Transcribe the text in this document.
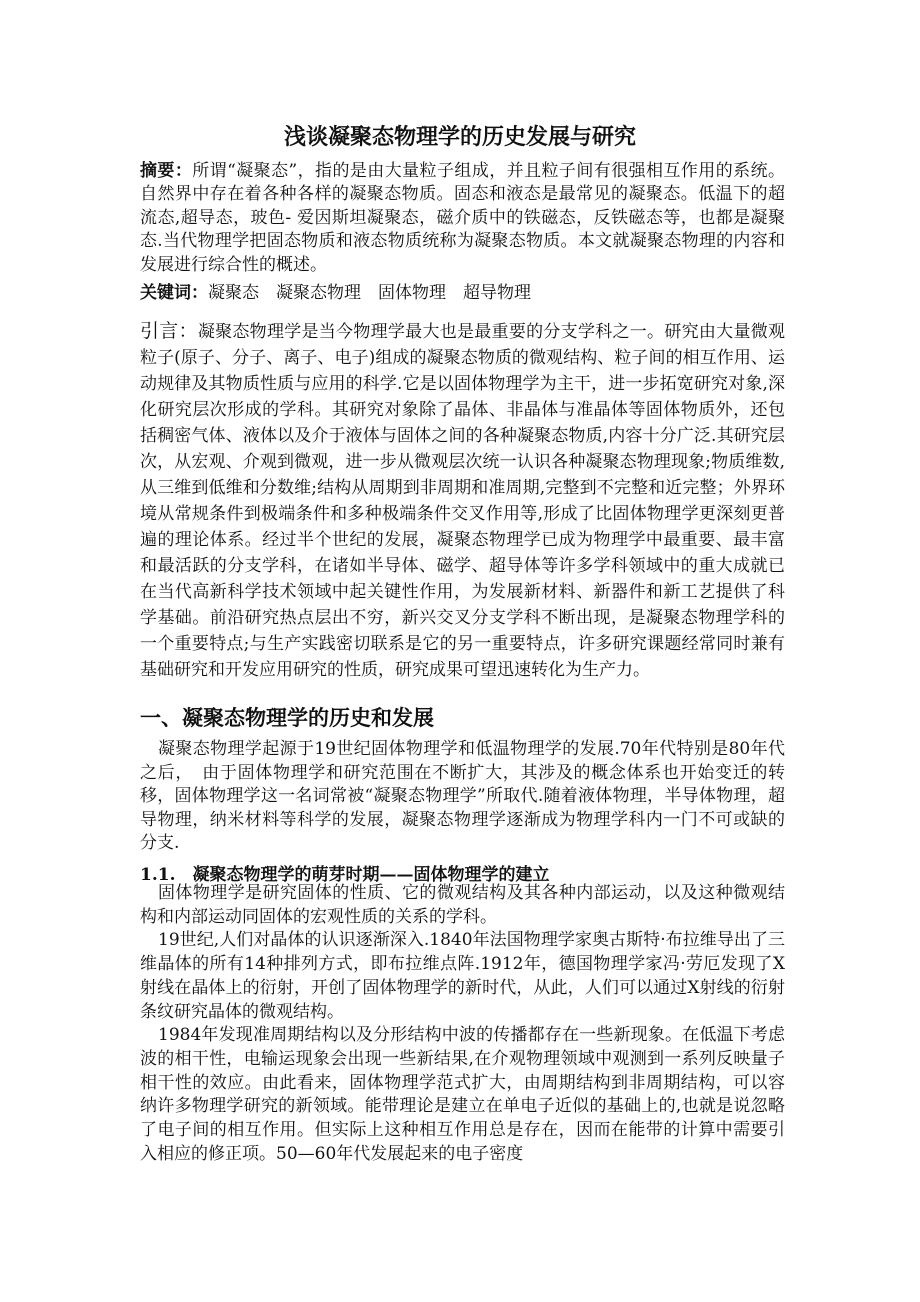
浅谈凝聚态物理学的历史发展与研究

摘要：所谓“凝聚态”，指的是由大量粒子组成，并且粒子间有很强相互作用的系统。自然界中存在着各种各样的凝聚态物质。固态和液态是最常见的凝聚态。低温下的超流态,超导态，玻色- 爱因斯坦凝聚态，磁介质中的铁磁态，反铁磁态等，也都是凝聚态.当代物理学把固态物质和液态物质统称为凝聚态物质。本文就凝聚态物理的内容和发展进行综合性的概述。

关键词：凝聚态　凝聚态物理　固体物理　超导物理

引言：凝聚态物理学是当今物理学最大也是最重要的分支学科之一。研究由大量微观粒子(原子、分子、离子、电子)组成的凝聚态物质的微观结构、粒子间的相互作用、运动规律及其物质性质与应用的科学.它是以固体物理学为主干，进一步拓宽研究对象,深化研究层次形成的学科。其研究对象除了晶体、非晶体与准晶体等固体物质外，还包括稠密气体、液体以及介于液体与固体之间的各种凝聚态物质,内容十分广泛.其研究层次，从宏观、介观到微观，进一步从微观层次统一认识各种凝聚态物理现象;物质维数,从三维到低维和分数维;结构从周期到非周期和准周期,完整到不完整和近完整；外界环境从常规条件到极端条件和多种极端条件交叉作用等,形成了比固体物理学更深刻更普遍的理论体系。经过半个世纪的发展，凝聚态物理学已成为物理学中最重要、最丰富和最活跃的分支学科，在诸如半导体、磁学、超导体等许多学科领域中的重大成就已在当代高新科学技术领域中起关键性作用，为发展新材料、新器件和新工艺提供了科学基础。前沿研究热点层出不穷，新兴交叉分支学科不断出现，是凝聚态物理学科的一个重要特点;与生产实践密切联系是它的另一重要特点，许多研究课题经常同时兼有基础研究和开发应用研究的性质，研究成果可望迅速转化为生产力。

一、凝聚态物理学的历史和发展

凝聚态物理学起源于19世纪固体物理学和低温物理学的发展.70年代特别是80年代之后，　由于固体物理学和研究范围在不断扩大，其涉及的概念体系也开始变迁的转移，固体物理学这一名词常被“凝聚态物理学”所取代.随着液体物理，半导体物理，超导物理，纳米材料等科学的发展，凝聚态物理学逐渐成为物理学科内一门不可或缺的分支.

1.1.　凝聚态物理学的萌芽时期——固体物理学的建立

固体物理学是研究固体的性质、它的微观结构及其各种内部运动，以及这种微观结构和内部运动同固体的宏观性质的关系的学科。

19世纪,人们对晶体的认识逐渐深入.1840年法国物理学家奥古斯特·布拉维导出了三维晶体的所有14种排列方式，即布拉维点阵.1912年，德国物理学家冯·劳厄发现了X射线在晶体上的衍射，开创了固体物理学的新时代，从此，人们可以通过X射线的衍射条纹研究晶体的微观结构。

1984年发现准周期结构以及分形结构中波的传播都存在一些新现象。在低温下考虑波的相干性，电输运现象会出现一些新结果,在介观物理领域中观测到一系列反映量子相干性的效应。由此看来，固体物理学范式扩大，由周期结构到非周期结构，可以容纳许多物理学研究的新领域。能带理论是建立在单电子近似的基础上的,也就是说忽略了电子间的相互作用。但实际上这种相互作用总是存在，因而在能带的计算中需要引入相应的修正项。50—60年代发展起来的电子密度
